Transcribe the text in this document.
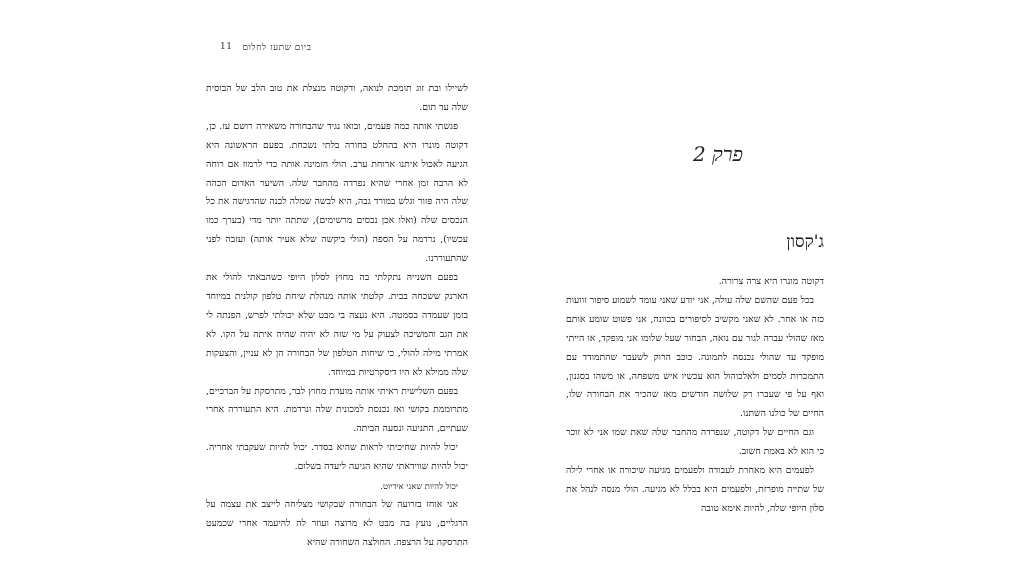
11 ביום שתעז לחלום

לשיילו ובת זוג תומכת לנואה, ודקוטה מנצלת את טוב הלב של הבוסית שלה עד תום.

פגשתי אותה כמה פעמים, ובואו נגיד שהבחורה משאירה רושם עז. כן, דקוטה מונרו היא בהחלט בחורה בלתי נשכחת. בפעם הראשונה היא הגיעה לאכול איתנו ארוחת ערב. הולי הזמינה אותה כדי לרמוז אם רוחה לא הרבה זמן אחרי שהיא נפרדה מהחבר שלה. השיער האדום הכהה שלה היה פזור וגלש במורד גבה, היא לבשה שמלה לבנה שהדגישה את כל הנכסים שלה (ואלו אכן נכסים מרשימים), שתתה יותר מדי (בערך כמו עכשיו), נרדמה על הספה (הולי ביקשה שלא אעיר אותה) ועזבה לפני שהתעוררנו.

בפעם השנייה נתקלתי בה מחוץ לסלון היופי כשהבאתי להולי את הארנק ששכחה בבית. קלטתי אותה מנהלת שיחת טלפון קולנית במיוחד בזמן שעמדה בסמטה. היא נעצה בי מבט שלא יכולתי לפרש, הפנתה לי את הגב והמשיכה לצעוק על מי שזה לא יהיה שהיה איתה על הקו. לא אמרתי מילה להולי, כי שיחות הטלפון של הבחורה הן לא עניין, והצעקות שלה ממילא לא היו דיסקרטיות במיוחד.

בפעם השלישית ראיתי אותה מועדת מחוץ לבר, מתרסקת על הברכיים, מתרוממת בקושי ואז נכנסת למכונית שלה ונרדמת. היא התעוררה אחרי שעתיים, התניעה ונסעה הביתה.

יכול להיות שחיכיתי לראות שהיא בסדר. יכול להיות שעקבתי אחריה. יכול להיות שווידאתי שהיא הגיעה ליעדה בשלום.

יכול להיות שאני אידיוט.

אני אוחז בזרועה של הבחורה שבקושי מצליחה לייצב את עצמה על הרגליים, נועץ בה מבט לא מרוצה ועוזר לה להיעמד אחרי שכמעט התרסקה על הרצפה. החולצה השחורה שהיא

פרק 2
ג'קסון

דקוטה מונרו היא צרה צרורה.

בכל פעם שהשם שלה עולה, אני יודע שאני עומד לשמוע סיפור זוועות כזה או אחר. לא שאני מקשיב לסיפורים בכוונה, אני פשוט שומע אותם מאז שהולי עברה לגור עם נואה, הבחור שעל שלומו אני מופקד, או הייתי מופקד עד שהולי נכנסה לתמונה. כוכב הרוק לשעבר שהתמודד עם התמכרות לסמים ולאלכוהול הוא עכשיו איש משפחה, או משהו בסגנון, ואף על פי שעברו רק שלושה חודשים מאז שהכיר את הבחורה שלו, החיים של כולנו השתנו.

וגם החיים של דקוטה, שנפרדה מהחבר שלה שאת שמו אני לא זוכר כי הוא לא באמת חשוב.

לפעמים היא מאחרת לעבודה ולפעמים מגיעה שיכורה או אחרי לילה של שתייה מופרזת, ולפעמים היא בכלל לא מגיעה. הולי מנסה לנהל את סלון היופי שלה, להיות אימא טובה
